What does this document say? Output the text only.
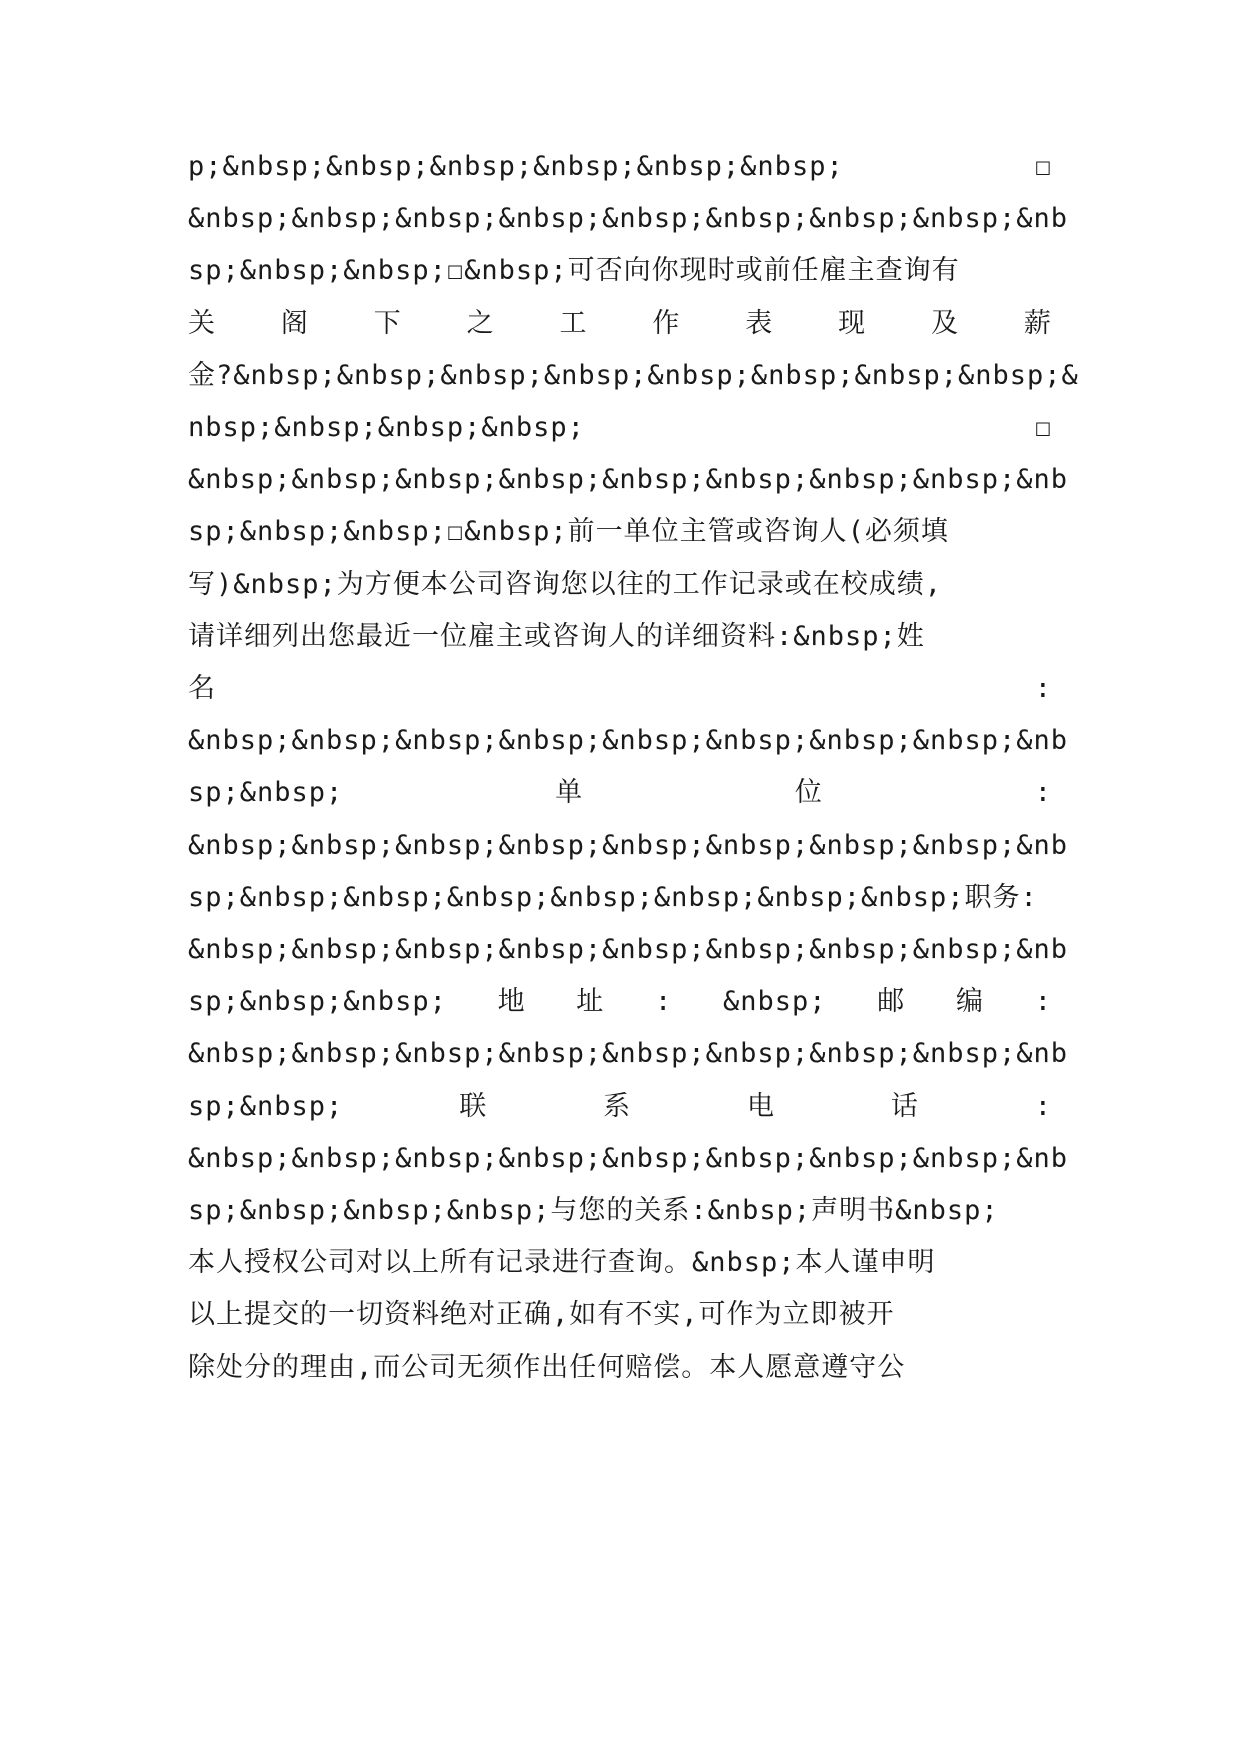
p;&nbsp;&nbsp;&nbsp;&nbsp;&nbsp;&nbsp;	☐
&nbsp;&nbsp;&nbsp;&nbsp;&nbsp;&nbsp;&nbsp;&nbsp;&nb
sp;&nbsp;&nbsp;☐&nbsp;可否向你现时或前任雇主查询有
关 阁 下 之 工 作 表 现 及 薪
金?&nbsp;&nbsp;&nbsp;&nbsp;&nbsp;&nbsp;&nbsp;&nbsp;&
nbsp;&nbsp;&nbsp;&nbsp;	☐
&nbsp;&nbsp;&nbsp;&nbsp;&nbsp;&nbsp;&nbsp;&nbsp;&nb
sp;&nbsp;&nbsp;☐&nbsp;前一单位主管或咨询人(必须填
写)&nbsp;为方便本公司咨询您以往的工作记录或在校成绩,
请详细列出您最近一位雇主或咨询人的详细资料:&nbsp;姓
名	:
&nbsp;&nbsp;&nbsp;&nbsp;&nbsp;&nbsp;&nbsp;&nbsp;&nb
sp;&nbsp;	单	位	:
&nbsp;&nbsp;&nbsp;&nbsp;&nbsp;&nbsp;&nbsp;&nbsp;&nb
sp;&nbsp;&nbsp;&nbsp;&nbsp;&nbsp;&nbsp;&nbsp;职务:
&nbsp;&nbsp;&nbsp;&nbsp;&nbsp;&nbsp;&nbsp;&nbsp;&nb
sp;&nbsp;&nbsp; 地 址 : &nbsp; 邮 编 :
&nbsp;&nbsp;&nbsp;&nbsp;&nbsp;&nbsp;&nbsp;&nbsp;&nb
sp;&nbsp;	联	系	电	话	:
&nbsp;&nbsp;&nbsp;&nbsp;&nbsp;&nbsp;&nbsp;&nbsp;&nb
sp;&nbsp;&nbsp;&nbsp;与您的关系:&nbsp;声明书&nbsp;
本人授权公司对以上所有记录进行查询。&nbsp;本人谨申明
以上提交的一切资料绝对正确,如有不实,可作为立即被开
除处分的理由,而公司无须作出任何赔偿。本人愿意遵守公
